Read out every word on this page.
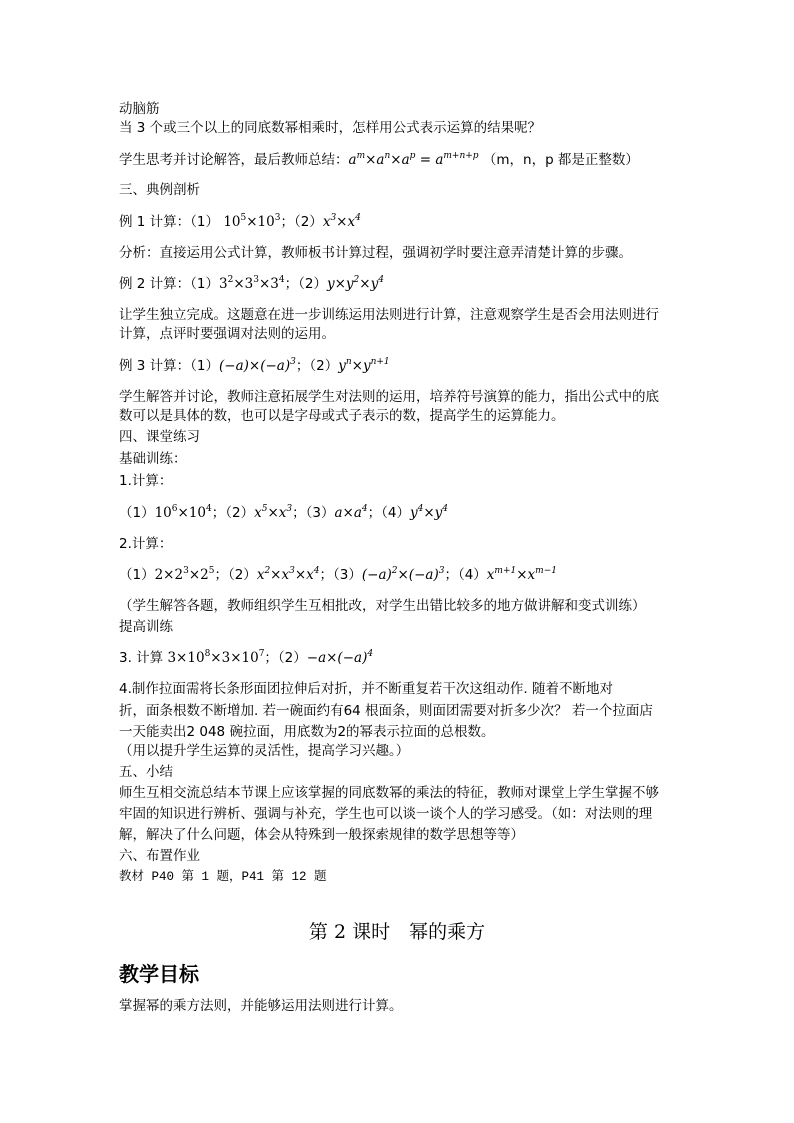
动脑筋
当 3 个或三个以上的同底数幂相乘时，怎样用公式表示运算的结果呢？
学生思考并讨论解答，最后教师总结：$a^m\times a^n\times a^p = a^{m+n+p}$ （m，n，p 都是正整数）
三、典例剖析
例 1 计算：（1） $10^5\times 10^3$；$(2)x^3\times x^4$
分析：直接运用公式计算，教师板书计算过程，强调初学时要注意弄清楚计算的步骤。
例 2 计算：$(1)3^2\times 3^3\times 3^4$；$(2)y\times y^2\times y^4$
让学生独立完成。这题意在进一步训练运用法则进行计算，注意观察学生是否会用法则进行
计算，点评时要强调对法则的运用。
例 3 计算：$(1)(-a)\times(-a)^3$；$(2)y^n\times y^{n+1}$
学生解答并讨论，教师注意拓展学生对法则的运用，培养符号演算的能力，指出公式中的底
数可以是具体的数，也可以是字母或式子表示的数，提高学生的运算能力。
四、课堂练习
基础训练：
1.计算：
$(1)10^6\times 10^4$；$(2)x^5\times x^3$；$(3)a\times a^4$；$(4)y^4\times y^4$
2.计算：
$(1)2\times 2^3\times 2^5$；$(2)x^2\times x^3\times x^4$；$(3)(-a)^2\times(-a)^3$；$(4)x^{m+1}\times x^{m-1}$
（学生解答各题，教师组织学生互相批改，对学生出错比较多的地方做讲解和变式训练）
提高训练
3. 计算 $3\times 10^8\times 3\times 10^7$；$(2)-a\times(-a)^4$
4.制作拉面需将长条形面团拉伸后对折，并不断重复若干次这组动作. 随着不断地对
折，面条根数不断增加. 若一碗面约有64 根面条，则面团需要对折多少次？ 若一个拉面店
一天能卖出2 048 碗拉面，用底数为2的幂表示拉面的总根数。
（用以提升学生运算的灵活性，提高学习兴趣。）
五、小结
师生互相交流总结本节课上应该掌握的同底数幂的乘法的特征，教师对课堂上学生掌握不够
牢固的知识进行辨析、强调与补充，学生也可以谈一谈个人的学习感受。（如：对法则的理
解，解决了什么问题，体会从特殊到一般探索规律的数学思想等等）
六、布置作业
教材 P40 第 1 题，P41 第 12 题
第 2 课时　幂的乘方
教学目标
掌握幂的乘方法则，并能够运用法则进行计算。
